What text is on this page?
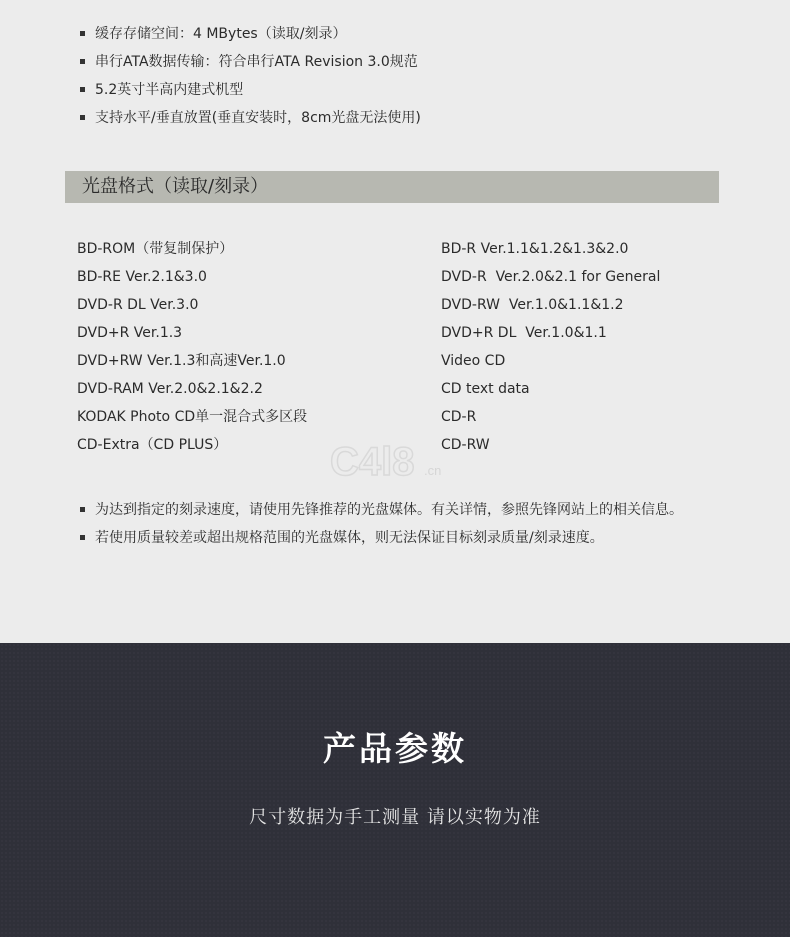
缓存存储空间：4 MBytes（读取/刻录）
串行ATA数据传输：符合串行ATA Revision 3.0规范
5.2英寸半高内建式机型
支持水平/垂直放置(垂直安装时，8cm光盘无法使用)
光盘格式（读取/刻录）
BD-ROM（带复制保护）
BD-RE Ver.2.1&3.0
DVD-R DL Ver.3.0
DVD+R Ver.1.3
DVD+RW Ver.1.3和高速Ver.1.0
DVD-RAM Ver.2.0&2.1&2.2
KODAK Photo CD单一混合式多区段
CD-Extra（CD PLUS）
BD-R Ver.1.1&1.2&1.3&2.0
DVD-R  Ver.2.0&2.1 for General
DVD-RW  Ver.1.0&1.1&1.2
DVD+R DL  Ver.1.0&1.1
Video CD
CD text data
CD-R
CD-RW
C4l8 .cn
为达到指定的刻录速度，请使用先锋推荐的光盘媒体。有关详情，参照先锋网站上的相关信息。
若使用质量较差或超出规格范围的光盘媒体，则无法保证目标刻录质量/刻录速度。
产品参数
尺寸数据为手工测量 请以实物为准
